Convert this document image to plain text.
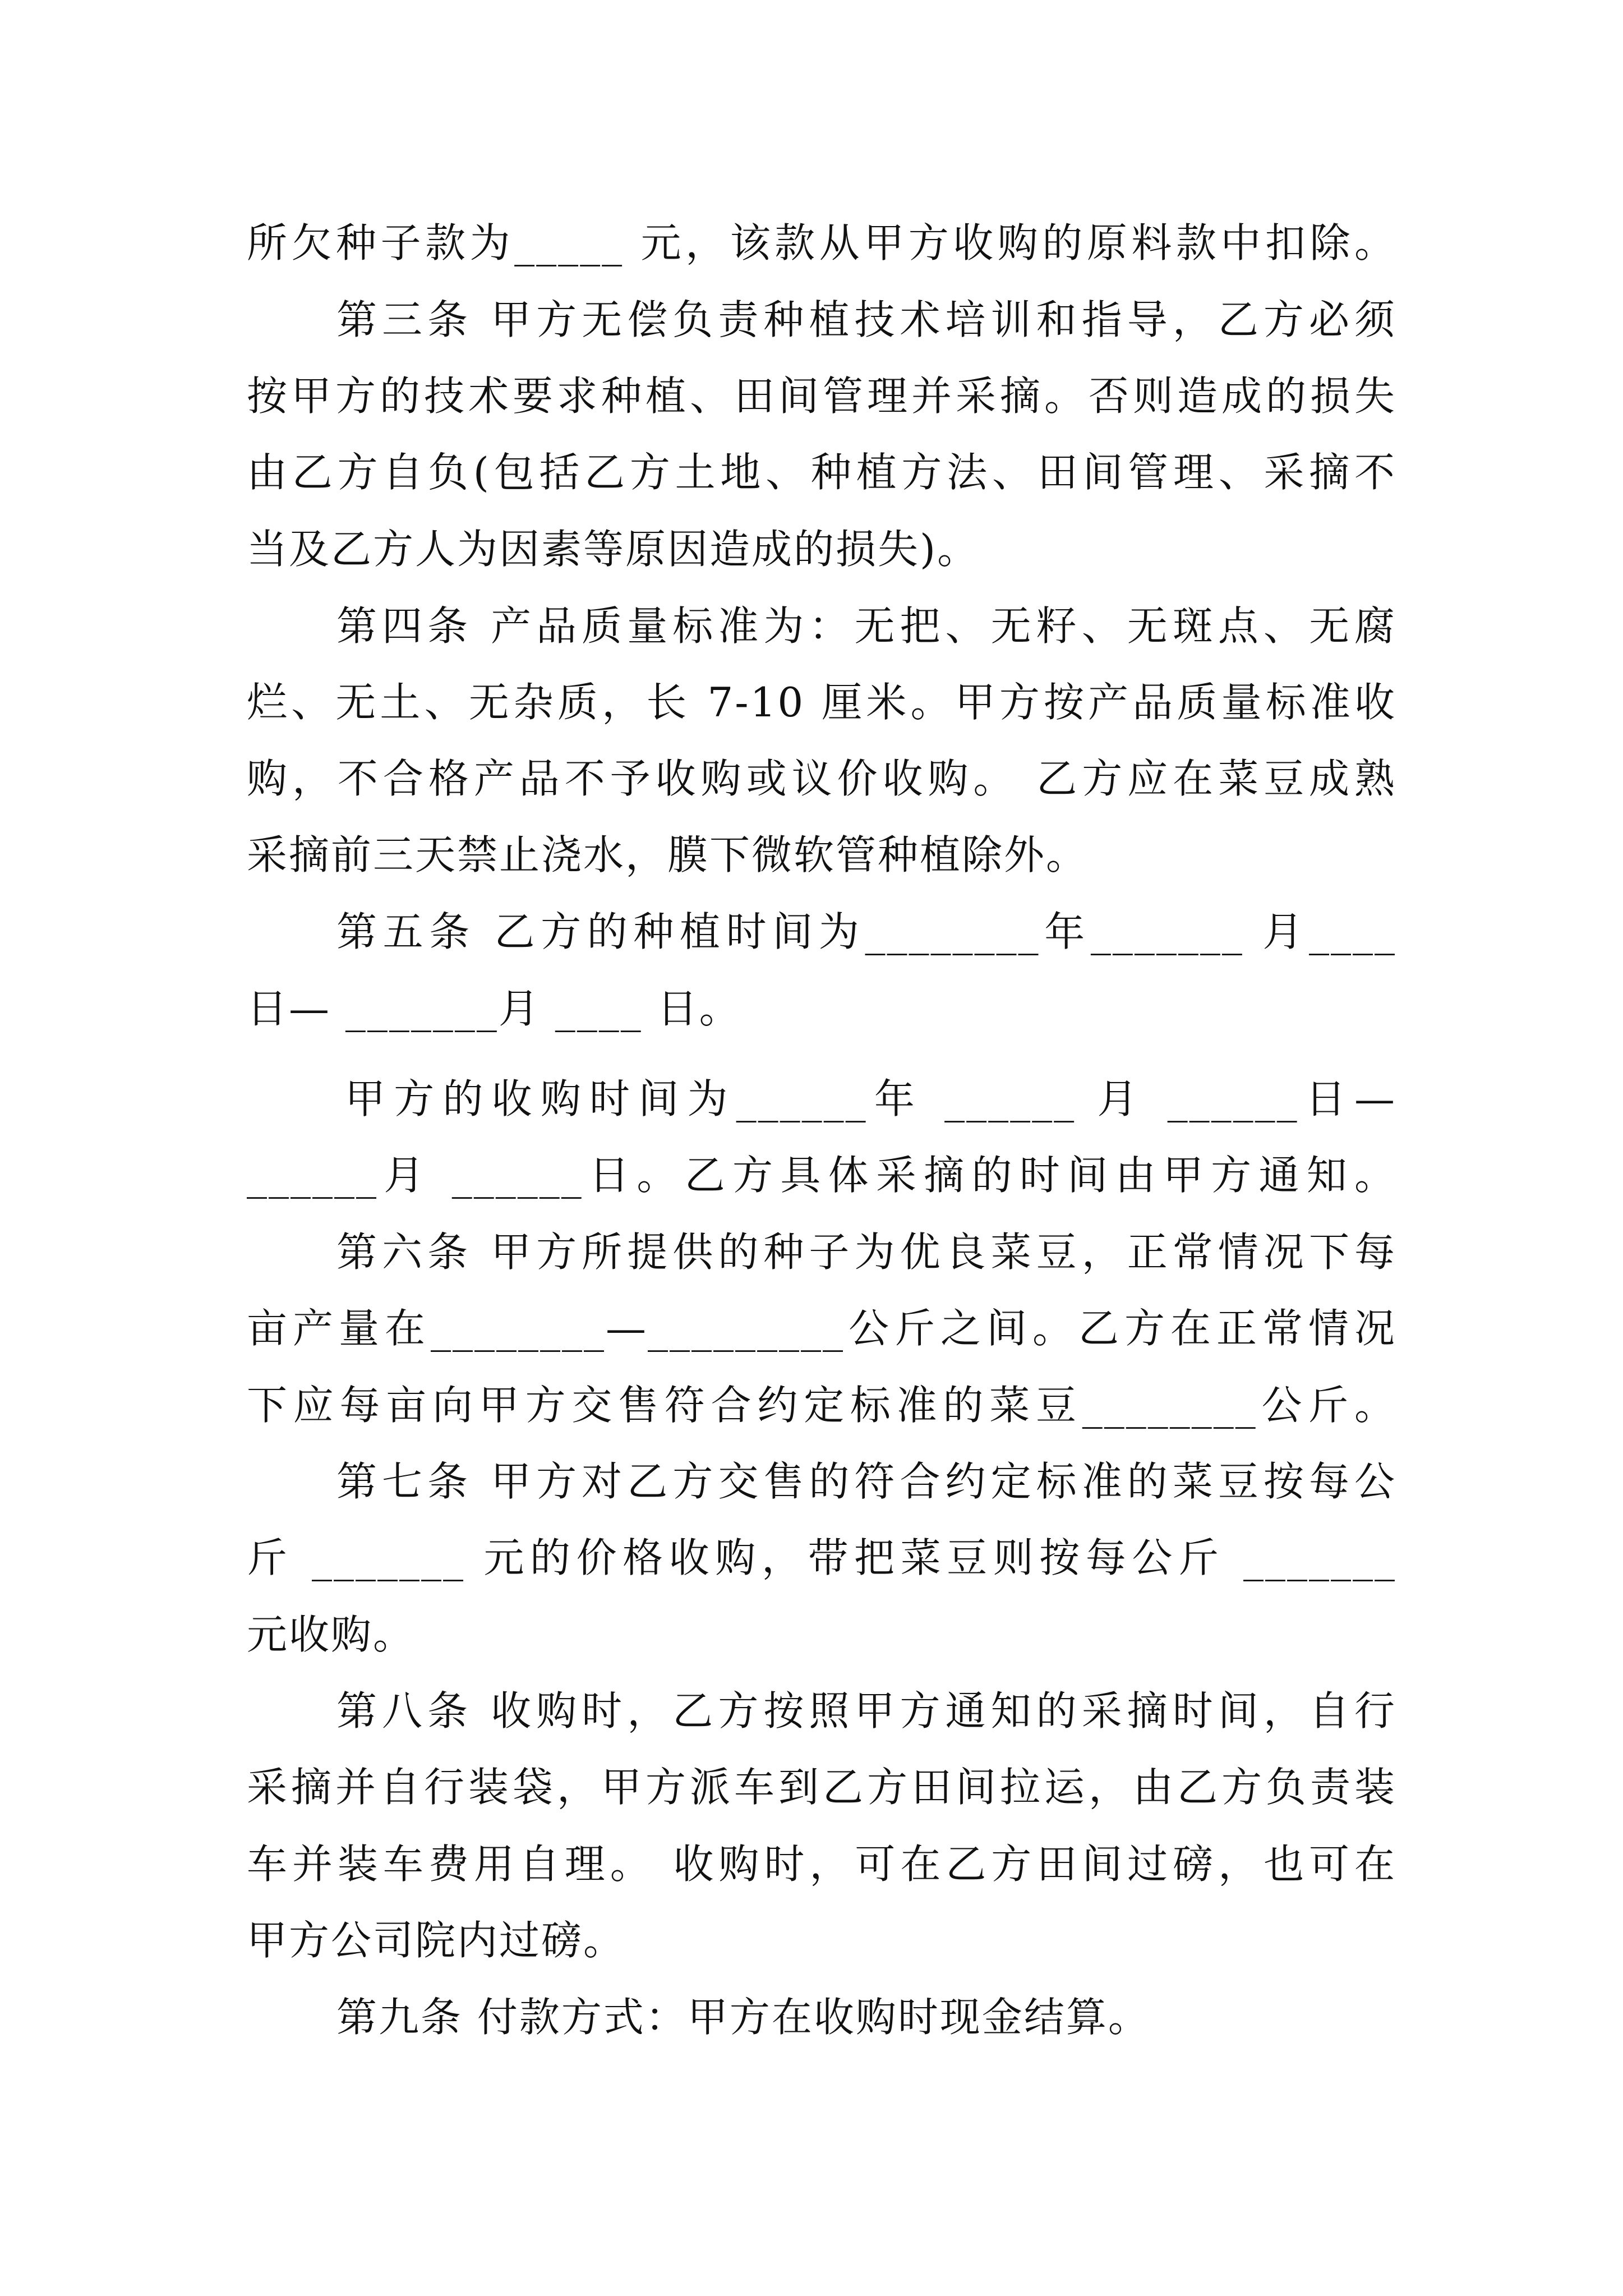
所欠种子款为_____ 元，该款从甲方收购的原料款中扣除。
第三条 甲方无偿负责种植技术培训和指导，乙方必须
按甲方的技术要求种植、田间管理并采摘。否则造成的损失
由乙方自负(包括乙方土地、种植方法、田间管理、采摘不
当及乙方人为因素等原因造成的损失)。
第四条 产品质量标准为：无把、无籽、无斑点、无腐
烂、无土、无杂质，长 7-10 厘米。甲方按产品质量标准收
购，不合格产品不予收购或议价收购。 乙方应在菜豆成熟
采摘前三天禁止浇水，膜下微软管种植除外。
第五条 乙方的种植时间为________年_______ 月____
日— _______月 ____ 日。
甲方的收购时间为______年 ______ 月 ______日—
______月 ______日。乙方具体采摘的时间由甲方通知。
第六条 甲方所提供的种子为优良菜豆，正常情况下每
亩产量在________—_________公斤之间。乙方在正常情况
下应每亩向甲方交售符合约定标准的菜豆________公斤。
第七条 甲方对乙方交售的符合约定标准的菜豆按每公
斤 _______ 元的价格收购，带把菜豆则按每公斤 _______
元收购。
第八条 收购时，乙方按照甲方通知的采摘时间，自行
采摘并自行装袋，甲方派车到乙方田间拉运，由乙方负责装
车并装车费用自理。 收购时，可在乙方田间过磅，也可在
甲方公司院内过磅。
第九条 付款方式：甲方在收购时现金结算。
